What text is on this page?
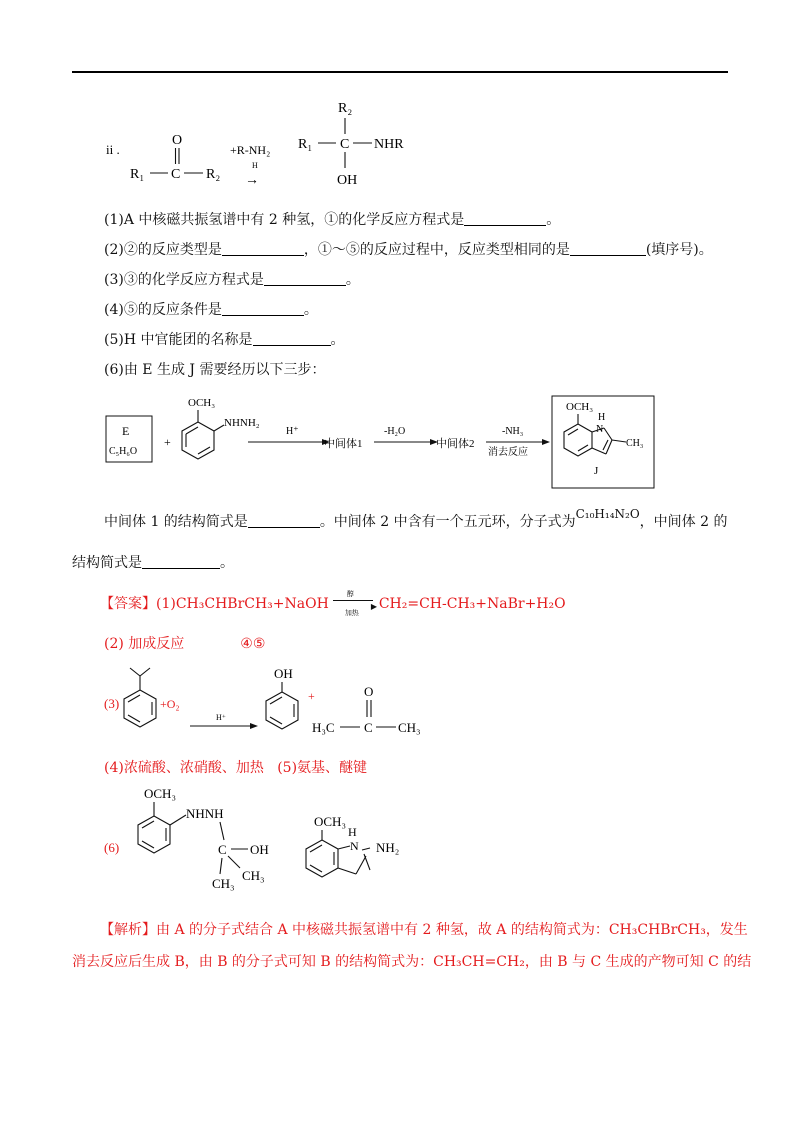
ii .
O
R₁ C R₂
+R-NH₂
H
→
R₂
R₁ C NHR
OH
(1)A 中核磁共振氢谱中有 2 种氢，①的化学反应方程式是	。
(2)②的反应类型是	，①～⑤的反应过程中，反应类型相同的是	(填序号)。
(3)③的化学反应方程式是	。
(4)⑤的反应条件是	。
(5)H 中官能团的名称是	。
(6)由 E 生成 J 需要经历以下三步：
E
C₅H₆O
+
OCH₃
NHNH₂
H⁺
中间体1
-H₂O
中间体2
-NH₃
消去反应
OCH₃
H
N
CH₃
J
中间体 1 的结构简式是	。中间体 2 中含有一个五元环，分子式为C₁₀H₁₄N₂O，中间体 2 的
结构简式是	。
【答案】(1)CH₃CHBrCH₃+NaOH
醇
▶
加热
CH₂=CH-CH₃+NaBr+H₂O
(2) 加成反应	④⑤
(3)	+O₂
H⁺
OH
+	O
H₃C C CH₃
(4)浓硫酸、浓硝酸、加热 (5)氨基、醚键
(6)
OCH₃
NHNH
C OH
CH₃
CH₃
OCH₃
H
N NH₂
【解析】由 A 的分子式结合 A 中核磁共振氢谱中有 2 种氢，故 A 的结构简式为：CH₃CHBrCH₃，发生
消去反应后生成 B，由 B 的分子式可知 B 的结构简式为：CH₃CH=CH₂，由 B 与 C 生成的产物可知 C 的结
